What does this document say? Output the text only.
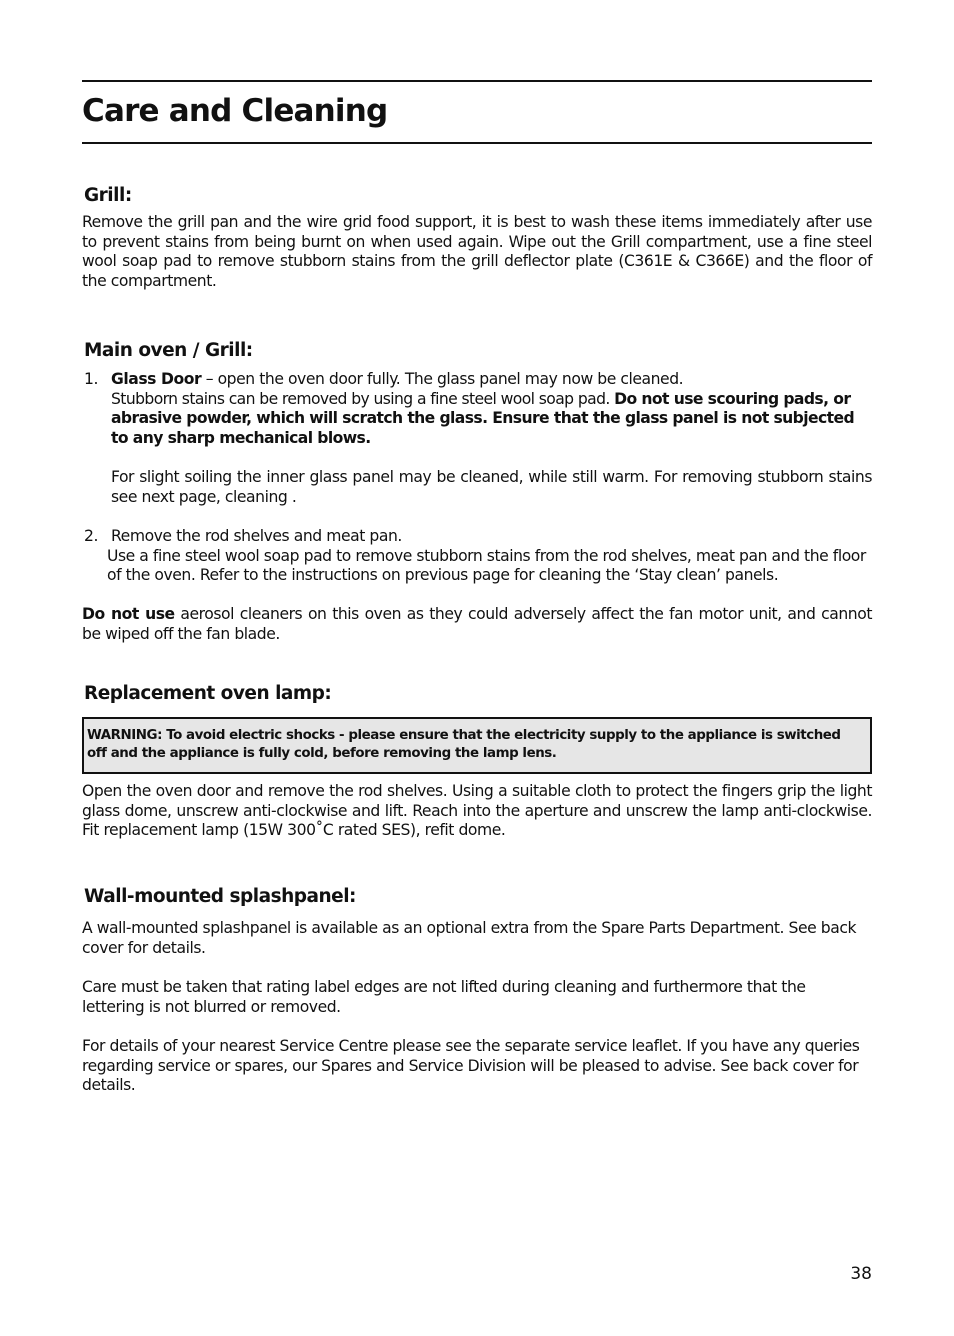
Care and Cleaning
Grill:

Remove the grill pan and the wire grid food support, it is best to wash these items immediately after use to prevent stains from being burnt on when used again. Wipe out the Grill compartment, use a fine steel wool soap pad to remove stubborn stains from the grill deflector plate (C361E & C366E) and the floor of the compartment.

Main oven / Grill:
1. Glass Door – open the oven door fully. The glass panel may now be cleaned.

Stubborn stains can be removed by using a fine steel wool soap pad. Do not use scouring pads, or abrasive powder, which will scratch the glass. Ensure that the glass panel is not subjected to any sharp mechanical blows.

For slight soiling the inner glass panel may be cleaned, while still warm. For removing stubborn stains see next page, cleaning .

2. Remove the rod shelves and meat pan.

Use a fine steel wool soap pad to remove stubborn stains from the rod shelves, meat pan and the floor of the oven. Refer to the instructions on previous page for cleaning the ‘Stay clean’ panels.

Do not use aerosol cleaners on this oven as they could adversely affect the fan motor unit, and cannot be wiped off the fan blade.

Replacement oven lamp:

WARNING: To avoid electric shocks - please ensure that the electricity supply to the appliance is switched off and the appliance is fully cold, before removing the lamp lens.

Open the oven door and remove the rod shelves. Using a suitable cloth to protect the fingers grip the light glass dome, unscrew anti-clockwise and lift. Reach into the aperture and unscrew the lamp anti-clockwise. Fit replacement lamp (15W 300˚C rated SES), refit dome.

Wall-mounted splashpanel:

A wall-mounted splashpanel is available as an optional extra from the Spare Parts Department. See back cover for details.

Care must be taken that rating label edges are not lifted during cleaning and furthermore that the lettering is not blurred or removed.

For details of your nearest Service Centre please see the separate service leaflet. If you have any queries regarding service or spares, our Spares and Service Division will be pleased to advise. See back cover for details.

38
